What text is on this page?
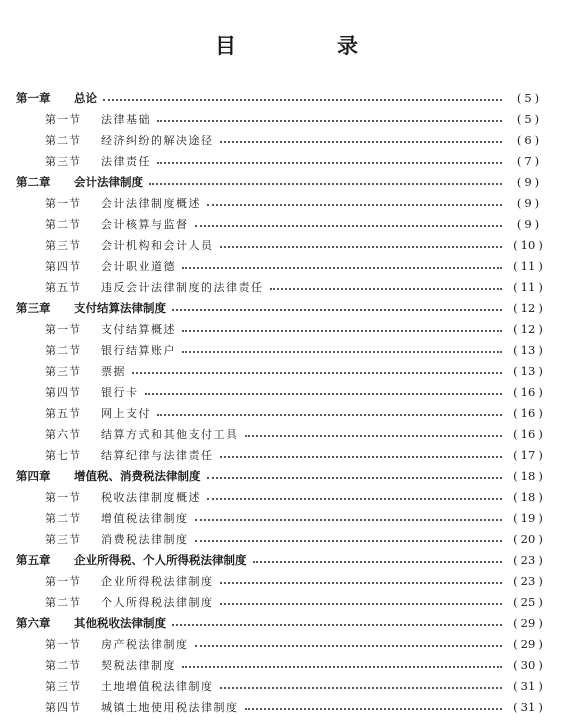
目　录
第一章	总论	( 5 )
第一节	法律基础	( 5 )
第二节	经济纠纷的解决途径	( 6 )
第三节	法律责任	( 7 )
第二章	会计法律制度	( 9 )
第一节	会计法律制度概述	( 9 )
第二节	会计核算与监督	( 9 )
第三节	会计机构和会计人员	( 10 )
第四节	会计职业道德	( 11 )
第五节	违反会计法律制度的法律责任	( 11 )
第三章	支付结算法律制度	( 12 )
第一节	支付结算概述	( 12 )
第二节	银行结算账户	( 13 )
第三节	票据	( 13 )
第四节	银行卡	( 16 )
第五节	网上支付	( 16 )
第六节	结算方式和其他支付工具	( 16 )
第七节	结算纪律与法律责任	( 17 )
第四章	增值税、消费税法律制度	( 18 )
第一节	税收法律制度概述	( 18 )
第二节	增值税法律制度	( 19 )
第三节	消费税法律制度	( 20 )
第五章	企业所得税、个人所得税法律制度	( 23 )
第一节	企业所得税法律制度	( 23 )
第二节	个人所得税法律制度	( 25 )
第六章	其他税收法律制度	( 29 )
第一节	房产税法律制度	( 29 )
第二节	契税法律制度	( 30 )
第三节	土地增值税法律制度	( 31 )
第四节	城镇土地使用税法律制度	( 31 )
